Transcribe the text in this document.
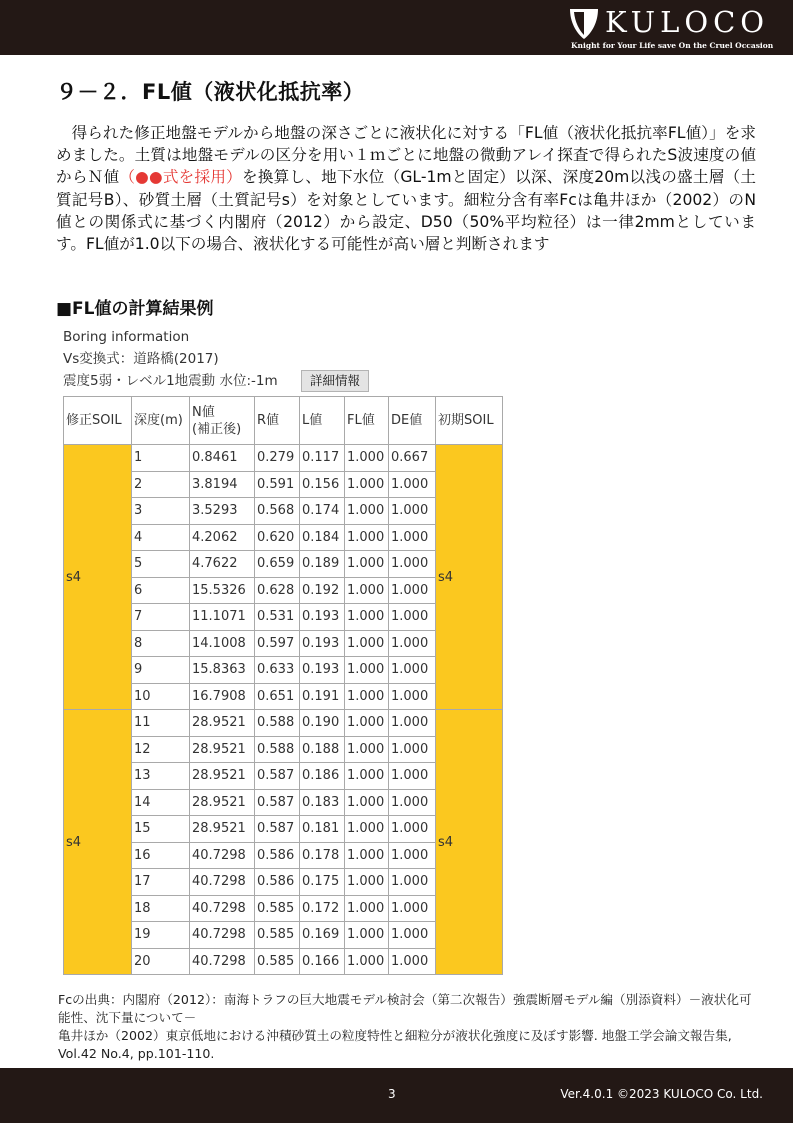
KULOCO
Knight for Your Life save On the Cruel Occasion
９－２．FL値（液状化抵抗率）

得られた修正地盤モデルから地盤の深さごとに液状化に対する「FL値（液状化抵抗率FL値）」を求めました。土質は地盤モデルの区分を用い１ｍごとに地盤の微動アレイ探査で得られたS波速度の値からＮ値（●●式を採用）を換算し、地下水位（GL-1mと固定）以深、深度20m以浅の盛土層（土質記号B）、砂質土層（土質記号s）を対象としています。細粒分含有率Fcは亀井ほか（2002）のN値との関係式に基づく内閣府（2012）から設定、D50（50%平均粒径）は一律2mmとしています。FL値が1.0以下の場合、液状化する可能性が高い層と判断されます

■FL値の計算結果例
Boring information
Vs変換式：道路橋(2017)
震度5弱・レベル1地震動 水位:-1m	詳細情報
修正SOIL	深度(m)	N値
(補正後)	R値	L値	FL値	DE値	初期SOIL
s4	1	0.8461	0.279	0.117	1.000	0.667	s4
	2	3.8194	0.591	0.156	1.000	1.000	
	3	3.5293	0.568	0.174	1.000	1.000	
	4	4.2062	0.620	0.184	1.000	1.000	
	5	4.7622	0.659	0.189	1.000	1.000	
	6	15.5326	0.628	0.192	1.000	1.000	
	7	11.1071	0.531	0.193	1.000	1.000	
	8	14.1008	0.597	0.193	1.000	1.000	
	9	15.8363	0.633	0.193	1.000	1.000	
	10	16.7908	0.651	0.191	1.000	1.000	
s4	11	28.9521	0.588	0.190	1.000	1.000	s4
	12	28.9521	0.588	0.188	1.000	1.000	
	13	28.9521	0.587	0.186	1.000	1.000	
	14	28.9521	0.587	0.183	1.000	1.000	
	15	28.9521	0.587	0.181	1.000	1.000	
	16	40.7298	0.586	0.178	1.000	1.000	
	17	40.7298	0.586	0.175	1.000	1.000	
	18	40.7298	0.585	0.172	1.000	1.000	
	19	40.7298	0.585	0.169	1.000	1.000	
	20	40.7298	0.585	0.166	1.000	1.000	
Fcの出典：内閣府（2012）：南海トラフの巨大地震モデル検討会（第二次報告）強震断層モデル編（別添資料）－液状化可能性、沈下量について－
亀井ほか（2002）東京低地における沖積砂質土の粒度特性と細粒分が液状化強度に及ぼす影響. 地盤工学会論文報告集, Vol.42 No.4, pp.101-110.
3	Ver.4.0.1 ©2023 KULOCO Co. Ltd.
